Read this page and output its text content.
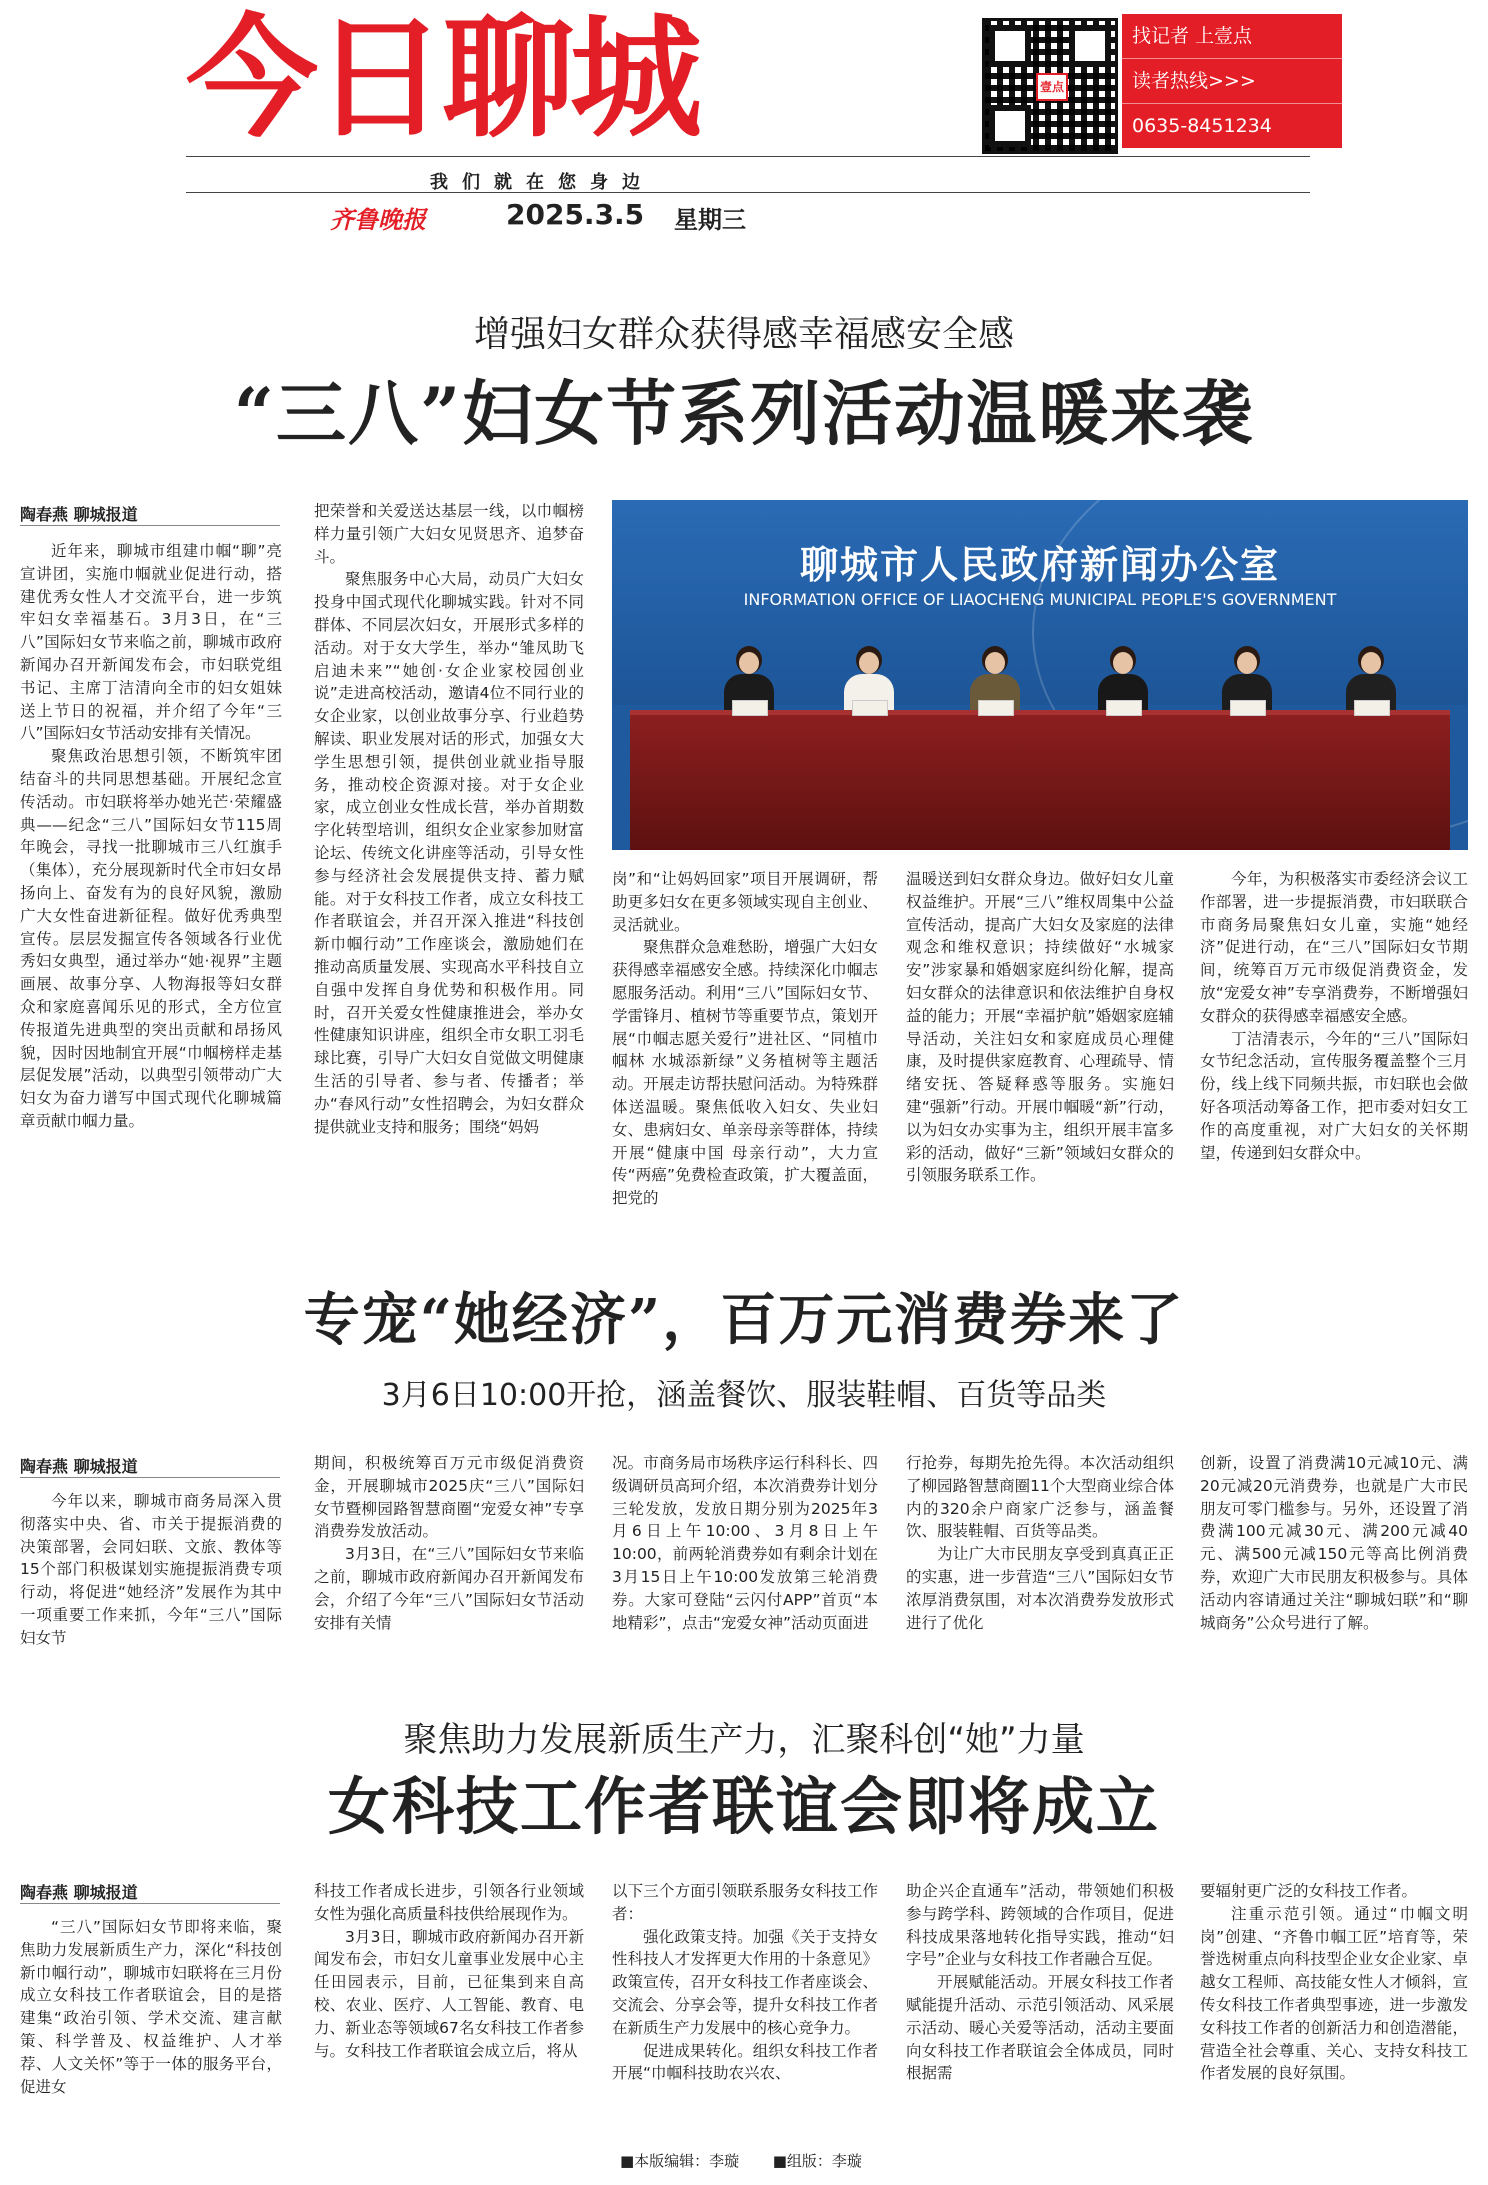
今日聊城	壹点
找记者 上壹点
读者热线>>>
0635-8451234
我们就在您身边
齐鲁晚报	2025.3.5 星期三
增强妇女群众获得感幸福感安全感
“三八”妇女节系列活动温暖来袭
陶春燕 聊城报道

近年来，聊城市组建巾帼“聊”亮宣讲团，实施巾帼就业促进行动，搭建优秀女性人才交流平台，进一步筑牢妇女幸福基石。3月3日，在“三八”国际妇女节来临之前，聊城市政府新闻办召开新闻发布会，市妇联党组书记、主席丁洁清向全市的妇女姐妹送上节日的祝福，并介绍了今年“三八”国际妇女节活动安排有关情况。

聚焦政治思想引领，不断筑牢团结奋斗的共同思想基础。开展纪念宣传活动。市妇联将举办她光芒·荣耀盛典——纪念“三八”国际妇女节115周年晚会，寻找一批聊城市三八红旗手（集体），充分展现新时代全市妇女昂扬向上、奋发有为的良好风貌，激励广大女性奋进新征程。做好优秀典型宣传。层层发掘宣传各领域各行业优秀妇女典型，通过举办“她·视界”主题画展、故事分享、人物海报等妇女群众和家庭喜闻乐见的形式，全方位宣传报道先进典型的突出贡献和昂扬风貌，因时因地制宜开展“巾帼榜样走基层促发展”活动，以典型引领带动广大妇女为奋力谱写中国式现代化聊城篇章贡献巾帼力量。

把荣誉和关爱送达基层一线，以巾帼榜样力量引领广大妇女见贤思齐、追梦奋斗。

聚焦服务中心大局，动员广大妇女投身中国式现代化聊城实践。针对不同群体、不同层次妇女，开展形式多样的活动。对于女大学生，举办“雏凤助飞 启迪未来”“她创·女企业家校园创业说”走进高校活动，邀请4位不同行业的女企业家，以创业故事分享、行业趋势解读、职业发展对话的形式，加强女大学生思想引领，提供创业就业指导服务，推动校企资源对接。对于女企业家，成立创业女性成长营，举办首期数字化转型培训，组织女企业家参加财富论坛、传统文化讲座等活动，引导女性参与经济社会发展提供支持、蓄力赋能。对于女科技工作者，成立女科技工作者联谊会，并召开深入推进“科技创新巾帼行动”工作座谈会，激励她们在推动高质量发展、实现高水平科技自立自强中发挥自身优势和积极作用。同时，召开关爱女性健康推进会，举办女性健康知识讲座，组织全市女职工羽毛球比赛，引导广大妇女自觉做文明健康生活的引导者、参与者、传播者；举办“春风行动”女性招聘会，为妇女群众提供就业支持和服务；围绕“妈妈

聊城市人民政府新闻办公室
INFORMATION OFFICE OF LIAOCHENG MUNICIPAL PEOPLE'S GOVERNMENT

岗”和“让妈妈回家”项目开展调研，帮助更多妇女在更多领域实现自主创业、灵活就业。

聚焦群众急难愁盼，增强广大妇女获得感幸福感安全感。持续深化巾帼志愿服务活动。利用“三八”国际妇女节、学雷锋月、植树节等重要节点，策划开展“巾帼志愿关爱行”进社区、“同植巾帼林 水城添新绿”义务植树等主题活动。开展走访帮扶慰问活动。为特殊群体送温暖。聚焦低收入妇女、失业妇女、患病妇女、单亲母亲等群体，持续开展“健康中国 母亲行动”，大力宣传“两癌”免费检查政策，扩大覆盖面，把党的

温暖送到妇女群众身边。做好妇女儿童权益维护。开展“三八”维权周集中公益宣传活动，提高广大妇女及家庭的法律观念和维权意识；持续做好“水城家安”涉家暴和婚姻家庭纠纷化解，提高妇女群众的法律意识和依法维护自身权益的能力；开展“幸福护航”婚姻家庭辅导活动，关注妇女和家庭成员心理健康，及时提供家庭教育、心理疏导、情绪安抚、答疑释惑等服务。实施妇建“强新”行动。开展巾帼暖“新”行动，以为妇女办实事为主，组织开展丰富多彩的活动，做好“三新”领域妇女群众的引领服务联系工作。

今年，为积极落实市委经济会议工作部署，进一步提振消费，市妇联联合市商务局聚焦妇女儿童，实施“她经济”促进行动，在“三八”国际妇女节期间，统筹百万元市级促消费资金，发放“宠爱女神”专享消费券，不断增强妇女群众的获得感幸福感安全感。

丁洁清表示，今年的“三八”国际妇女节纪念活动，宣传服务覆盖整个三月份，线上线下同频共振，市妇联也会做好各项活动筹备工作，把市委对妇女工作的高度重视，对广大妇女的关怀期望，传递到妇女群众中。

专宠“她经济”，百万元消费券来了
3月6日10:00开抢，涵盖餐饮、服装鞋帽、百货等品类
陶春燕 聊城报道

今年以来，聊城市商务局深入贯彻落实中央、省、市关于提振消费的决策部署，会同妇联、文旅、教体等15个部门积极谋划实施提振消费专项行动，将促进“她经济”发展作为其中一项重要工作来抓，今年“三八”国际妇女节

期间，积极统筹百万元市级促消费资金，开展聊城市2025庆“三八”国际妇女节暨柳园路智慧商圈“宠爱女神”专享消费券发放活动。

3月3日，在“三八”国际妇女节来临之前，聊城市政府新闻办召开新闻发布会，介绍了今年“三八”国际妇女节活动安排有关情

况。市商务局市场秩序运行科科长、四级调研员高珂介绍，本次消费券计划分三轮发放，发放日期分别为2025年3月6日上午10:00、3月8日上午10:00，前两轮消费券如有剩余计划在3月15日上午10:00发放第三轮消费券。大家可登陆“云闪付APP”首页“本地精彩”，点击“宠爱女神”活动页面进

行抢券，每期先抢先得。本次活动组织了柳园路智慧商圈11个大型商业综合体内的320余户商家广泛参与，涵盖餐饮、服装鞋帽、百货等品类。

为让广大市民朋友享受到真真正正的实惠，进一步营造“三八”国际妇女节浓厚消费氛围，对本次消费券发放形式进行了优化

创新，设置了消费满10元减10元、满20元减20元消费券，也就是广大市民朋友可零门槛参与。另外，还设置了消费满100元减30元、满200元减40元、满500元减150元等高比例消费券，欢迎广大市民朋友积极参与。具体活动内容请通过关注“聊城妇联”和“聊城商务”公众号进行了解。

聚焦助力发展新质生产力，汇聚科创“她”力量
女科技工作者联谊会即将成立
陶春燕 聊城报道

“三八”国际妇女节即将来临，聚焦助力发展新质生产力，深化“科技创新巾帼行动”，聊城市妇联将在三月份成立女科技工作者联谊会，目的是搭建集“政治引领、学术交流、建言献策、科学普及、权益维护、人才举荐、人文关怀”等于一体的服务平台，促进女

科技工作者成长进步，引领各行业领域女性为强化高质量科技供给展现作为。

3月3日，聊城市政府新闻办召开新闻发布会，市妇女儿童事业发展中心主任田园表示，目前，已征集到来自高校、农业、医疗、人工智能、教育、电力、新业态等领域67名女科技工作者参与。女科技工作者联谊会成立后，将从

以下三个方面引领联系服务女科技工作者：

强化政策支持。加强《关于支持女性科技人才发挥更大作用的十条意见》政策宣传，召开女科技工作者座谈会、交流会、分享会等，提升女科技工作者在新质生产力发展中的核心竞争力。

促进成果转化。组织女科技工作者开展“巾帼科技助农兴农、

助企兴企直通车”活动，带领她们积极参与跨学科、跨领域的合作项目，促进科技成果落地转化指导实践，推动“妇字号”企业与女科技工作者融合互促。

开展赋能活动。开展女科技工作者赋能提升活动、示范引领活动、风采展示活动、暖心关爱等活动，活动主要面向女科技工作者联谊会全体成员，同时根据需

要辐射更广泛的女科技工作者。

注重示范引领。通过“巾帼文明岗”创建、“齐鲁巾帼工匠”培育等，荣誉选树重点向科技型企业女企业家、卓越女工程师、高技能女性人才倾斜，宣传女科技工作者典型事迹，进一步激发女科技工作者的创新活力和创造潜能，营造全社会尊重、关心、支持女科技工作者发展的良好氛围。

■本版编辑：李璇 ■组版：李璇
